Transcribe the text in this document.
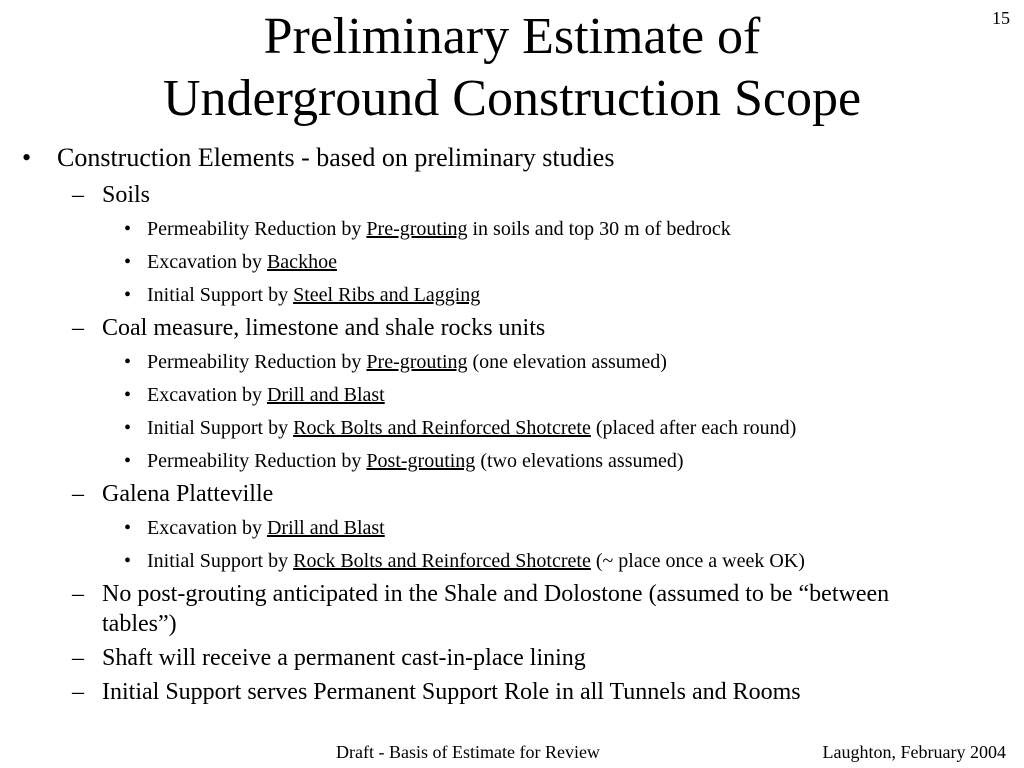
15
Preliminary Estimate of
Underground Construction Scope
• Construction Elements - based on preliminary studies
– Soils
• Permeability Reduction by Pre-grouting in soils and top 30 m of bedrock
• Excavation by Backhoe
• Initial Support by Steel Ribs and Lagging
– Coal measure, limestone and shale rocks units
• Permeability Reduction by Pre-grouting (one elevation assumed)
• Excavation by Drill and Blast
• Initial Support by Rock Bolts and Reinforced Shotcrete (placed after each round)
• Permeability Reduction by Post-grouting (two elevations assumed)
– Galena Platteville
• Excavation by Drill and Blast
• Initial Support by Rock Bolts and Reinforced Shotcrete (~ place once a week OK)
– No post-grouting anticipated in the Shale and Dolostone (assumed to be “between tables”)
– Shaft will receive a permanent cast-in-place lining
– Initial Support serves Permanent Support Role in all Tunnels and Rooms
Draft - Basis of Estimate for Review	Laughton, February 2004
